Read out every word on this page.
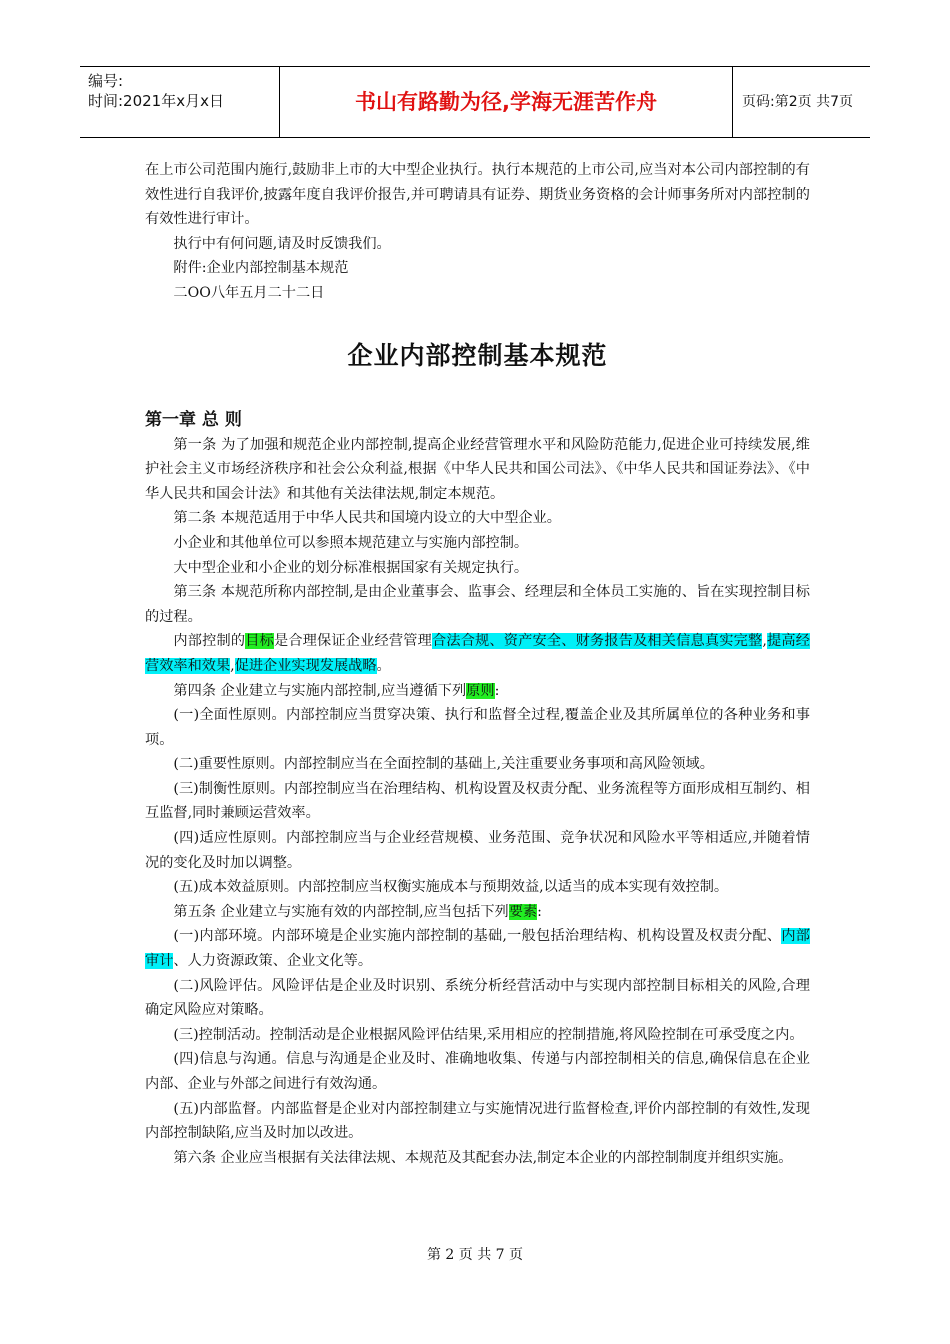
编号:
时间:2021年x月x日	书山有路勤为径,学海无涯苦作舟	页码:第2页 共7页

在上市公司范围内施行,鼓励非上市的大中型企业执行。执行本规范的上市公司,应当对本公司内部控制的有效性进行自我评价,披露年度自我评价报告,并可聘请具有证券、期货业务资格的会计师事务所对内部控制的有效性进行审计。

执行中有何问题,请及时反馈我们。

附件:企业内部控制基本规范

二OO八年五月二十二日

企业内部控制基本规范

第一章 总 则

第一条 为了加强和规范企业内部控制,提高企业经营管理水平和风险防范能力,促进企业可持续发展,维护社会主义市场经济秩序和社会公众利益,根据《中华人民共和国公司法》、《中华人民共和国证券法》、《中华人民共和国会计法》和其他有关法律法规,制定本规范。

第二条 本规范适用于中华人民共和国境内设立的大中型企业。

小企业和其他单位可以参照本规范建立与实施内部控制。

大中型企业和小企业的划分标准根据国家有关规定执行。

第三条 本规范所称内部控制,是由企业董事会、监事会、经理层和全体员工实施的、旨在实现控制目标的过程。

内部控制的目标是合理保证企业经营管理合法合规、资产安全、财务报告及相关信息真实完整,提高经营效率和效果,促进企业实现发展战略。

第四条 企业建立与实施内部控制,应当遵循下列原则:

(一)全面性原则。内部控制应当贯穿决策、执行和监督全过程,覆盖企业及其所属单位的各种业务和事项。

(二)重要性原则。内部控制应当在全面控制的基础上,关注重要业务事项和高风险领域。

(三)制衡性原则。内部控制应当在治理结构、机构设置及权责分配、业务流程等方面形成相互制约、相互监督,同时兼顾运营效率。

(四)适应性原则。内部控制应当与企业经营规模、业务范围、竞争状况和风险水平等相适应,并随着情况的变化及时加以调整。

(五)成本效益原则。内部控制应当权衡实施成本与预期效益,以适当的成本实现有效控制。

第五条 企业建立与实施有效的内部控制,应当包括下列要素:

(一)内部环境。内部环境是企业实施内部控制的基础,一般包括治理结构、机构设置及权责分配、内部审计、人力资源政策、企业文化等。

(二)风险评估。风险评估是企业及时识别、系统分析经营活动中与实现内部控制目标相关的风险,合理确定风险应对策略。

(三)控制活动。控制活动是企业根据风险评估结果,采用相应的控制措施,将风险控制在可承受度之内。

(四)信息与沟通。信息与沟通是企业及时、准确地收集、传递与内部控制相关的信息,确保信息在企业内部、企业与外部之间进行有效沟通。

(五)内部监督。内部监督是企业对内部控制建立与实施情况进行监督检查,评价内部控制的有效性,发现内部控制缺陷,应当及时加以改进。

第六条 企业应当根据有关法律法规、本规范及其配套办法,制定本企业的内部控制制度并组织实施。

第 2 页 共 7 页
